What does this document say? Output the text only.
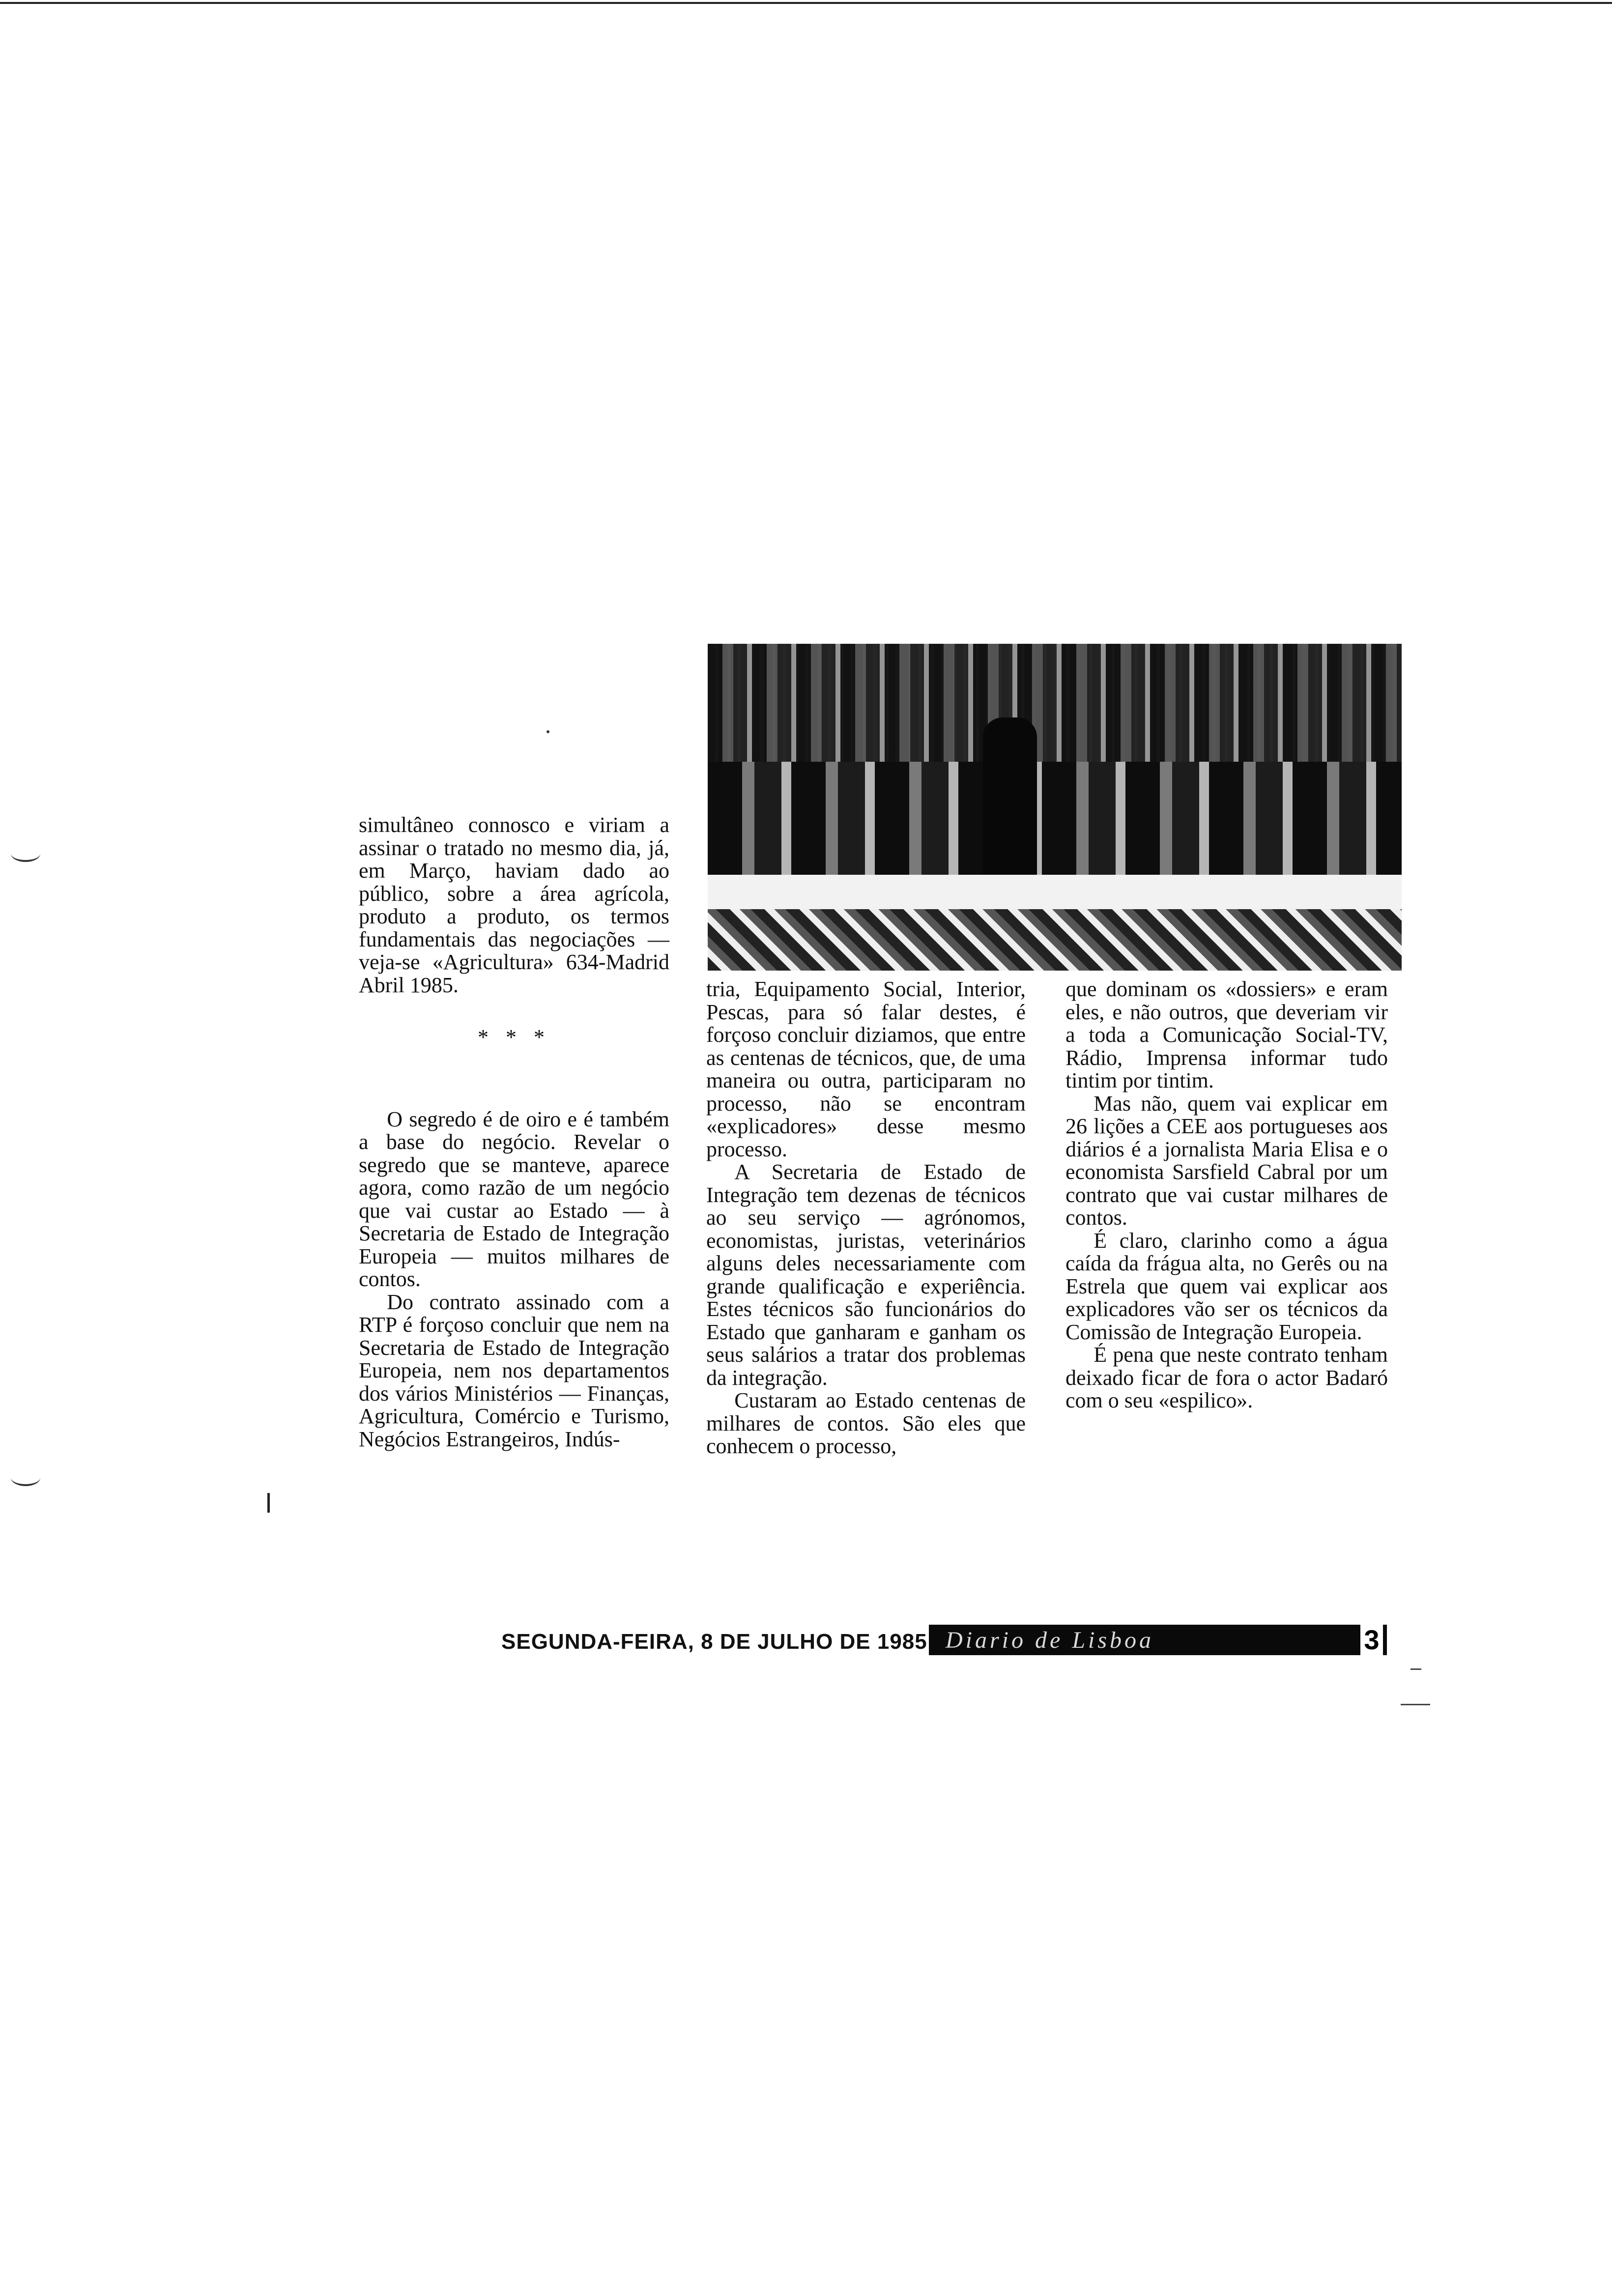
simultâneo connosco e viriam a assinar o tratado no mesmo dia, já, em Março, haviam dado ao público, sobre a área agrícola, produto a produto, os termos fundamentais das negociações — veja-se «Agricultura» 634-Madrid Abril 1985.

* * *

O segredo é de oiro e é também a base do negócio. Revelar o segredo que se manteve, aparece agora, como razão de um negócio que vai custar ao Estado — à Secretaria de Estado de Integração Europeia — muitos milhares de contos.

Do contrato assinado com a RTP é forçoso concluir que nem na Secretaria de Estado de Integração Europeia, nem nos departamentos dos vários Ministérios — Finanças, Agricultura, Comércio e Turismo, Negócios Estrangeiros, Indús-

tria, Equipamento Social, Interior, Pescas, para só falar destes, é forçoso concluir diziamos, que entre as centenas de técnicos, que, de uma maneira ou outra, participaram no processo, não se encontram «explicadores» desse mesmo processo.

A Secretaria de Estado de Integração tem dezenas de técnicos ao seu serviço — agrónomos, economistas, juristas, veterinários alguns deles necessariamente com grande qualificação e experiência. Estes técnicos são funcionários do Estado que ganharam e ganham os seus salários a tratar dos problemas da integração.

Custaram ao Estado centenas de milhares de contos. São eles que conhecem o processo,

que dominam os «dossiers» e eram eles, e não outros, que deveriam vir a toda a Comunicação Social-TV, Rádio, Imprensa informar tudo tintim por tintim.

Mas não, quem vai explicar em 26 lições a CEE aos portugueses aos diários é a jornalista Maria Elisa e o economista Sarsfield Cabral por um contrato que vai custar milhares de contos.

É claro, clarinho como a água caída da frágua alta, no Gerês ou na Estrela que quem vai explicar aos explicadores vão ser os técnicos da Comissão de Integração Europeia.

É pena que neste contrato tenham deixado ficar de fora o actor Badaró com o seu «espilico».

SEGUNDA-FEIRA, 8 DE JULHO DE 1985 Diario de Lisboa	3
